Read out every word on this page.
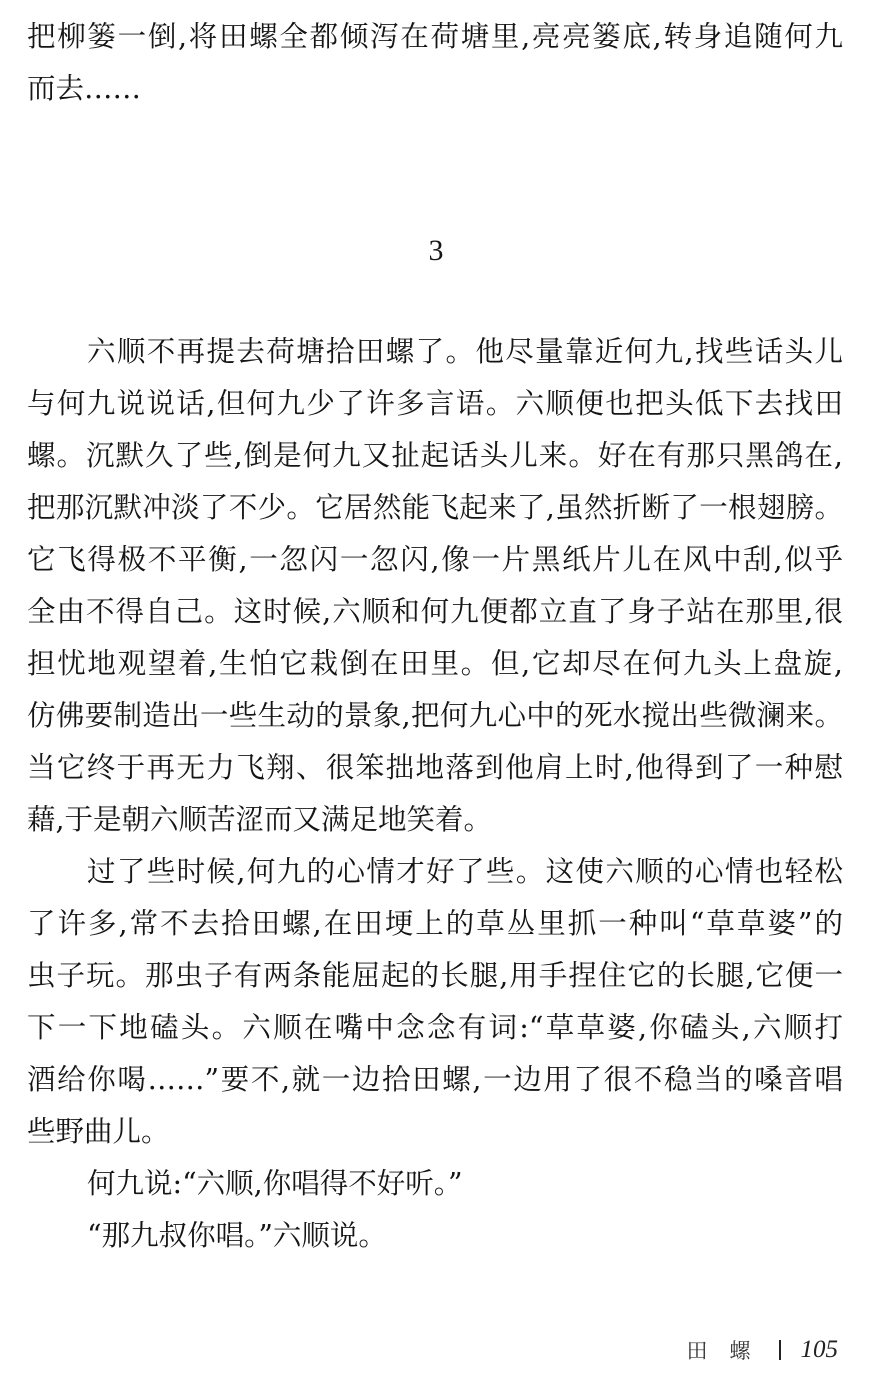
把柳篓一倒,将田螺全都倾泻在荷塘里,亮亮篓底,转身追随何九
而去……
3
六顺不再提去荷塘拾田螺了。他尽量靠近何九,找些话头儿
与何九说说话,但何九少了许多言语。六顺便也把头低下去找田
螺。沉默久了些,倒是何九又扯起话头儿来。好在有那只黑鸽在,
把那沉默冲淡了不少。它居然能飞起来了,虽然折断了一根翅膀。
它飞得极不平衡,一忽闪一忽闪,像一片黑纸片儿在风中刮,似乎
全由不得自己。这时候,六顺和何九便都立直了身子站在那里,很
担忧地观望着,生怕它栽倒在田里。但,它却尽在何九头上盘旋,
仿佛要制造出一些生动的景象,把何九心中的死水搅出些微澜来。
当它终于再无力飞翔、很笨拙地落到他肩上时,他得到了一种慰
藉,于是朝六顺苦涩而又满足地笑着。
过了些时候,何九的心情才好了些。这使六顺的心情也轻松
了许多,常不去拾田螺,在田埂上的草丛里抓一种叫“草草婆”的
虫子玩。那虫子有两条能屈起的长腿,用手捏住它的长腿,它便一
下一下地磕头。六顺在嘴中念念有词:“草草婆,你磕头,六顺打
酒给你喝……”要不,就一边拾田螺,一边用了很不稳当的嗓音唱
些野曲儿。
何九说:“六顺,你唱得不好听。”
“那九叔你唱。”六顺说。
田螺 105
